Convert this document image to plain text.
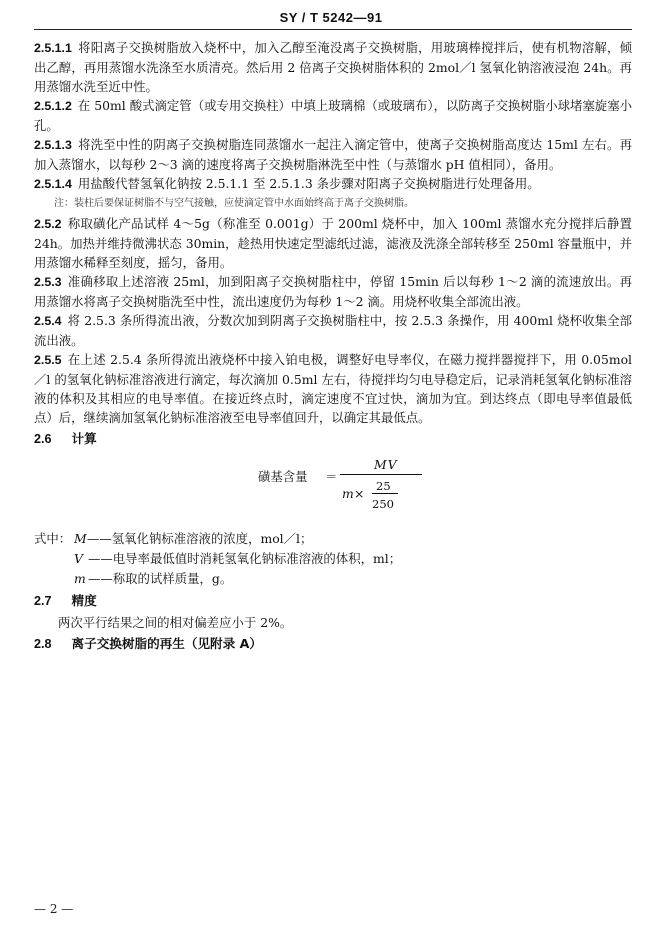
SY / T 5242—91

2.5.1.1 将阳离子交换树脂放入烧杯中，加入乙醇至淹没离子交换树脂，用玻璃棒搅拌后，使有机物溶解，倾出乙醇，再用蒸馏水洗涤至水质清亮。然后用 2 倍离子交换树脂体积的 2mol／l 氢氧化钠溶液浸泡 24h。再用蒸馏水洗至近中性。

2.5.1.2 在 50ml 酸式滴定管（或专用交换柱）中填上玻璃棉（或玻璃布），以防离子交换树脂小球堵塞旋塞小孔。

2.5.1.3 将洗至中性的阴离子交换树脂连同蒸馏水一起注入滴定管中，使离子交换树脂高度达 15ml 左右。再加入蒸馏水，以每秒 2～3 滴的速度将离子交换树脂淋洗至中性（与蒸馏水 pH 值相同），备用。

2.5.1.4 用盐酸代替氢氧化钠按 2.5.1.1 至 2.5.1.3 条步骤对阳离子交换树脂进行处理备用。

注：装柱后要保证树脂不与空气接触，应使滴定管中水面始终高于离子交换树脂。

2.5.2 称取磺化产品试样 4～5g（称准至 0.001g）于 200ml 烧杯中，加入 100ml 蒸馏水充分搅拌后静置 24h。加热并维持微沸状态 30min，趁热用快速定型滤纸过滤，滤液及洗涤全部转移至 250ml 容量瓶中，并用蒸馏水稀释至刻度，摇匀，备用。

2.5.3 准确移取上述溶液 25ml，加到阳离子交换树脂柱中，停留 15min 后以每秒 1～2 滴的流速放出。再用蒸馏水将离子交换树脂洗至中性，流出速度仍为每秒 1～2 滴。用烧杯收集全部流出液。

2.5.4 将 2.5.3 条所得流出液，分数次加到阴离子交换树脂柱中，按 2.5.3 条操作，用 400ml 烧杯收集全部流出液。

2.5.5 在上述 2.5.4 条所得流出液烧杯中接入铂电极，调整好电导率仪，在磁力搅拌器搅拌下，用 0.05mol／l 的氢氧化钠标准溶液进行滴定，每次滴加 0.5ml 左右，待搅拌均匀电导稳定后，记录消耗氢氧化钠标准溶液的体积及其相应的电导率值。在接近终点时，滴定速度不宜过快，滴加为宜。到达终点（即电导率值最低点）后，继续滴加氢氧化钠标准溶液至电导率值回升，以确定其最低点。

2.6 计算
磺基含量 ＝
MV
m × 25
250
式中： M ——氢氧化钠标准溶液的浓度，mol／l；
V ——电导率最低值时消耗氢氧化钠标准溶液的体积，ml；
m ——称取的试样质量，g。
2.7 精度

两次平行结果之间的相对偏差应小于 2%。

2.8 离子交换树脂的再生（见附录 A）
— 2 —
